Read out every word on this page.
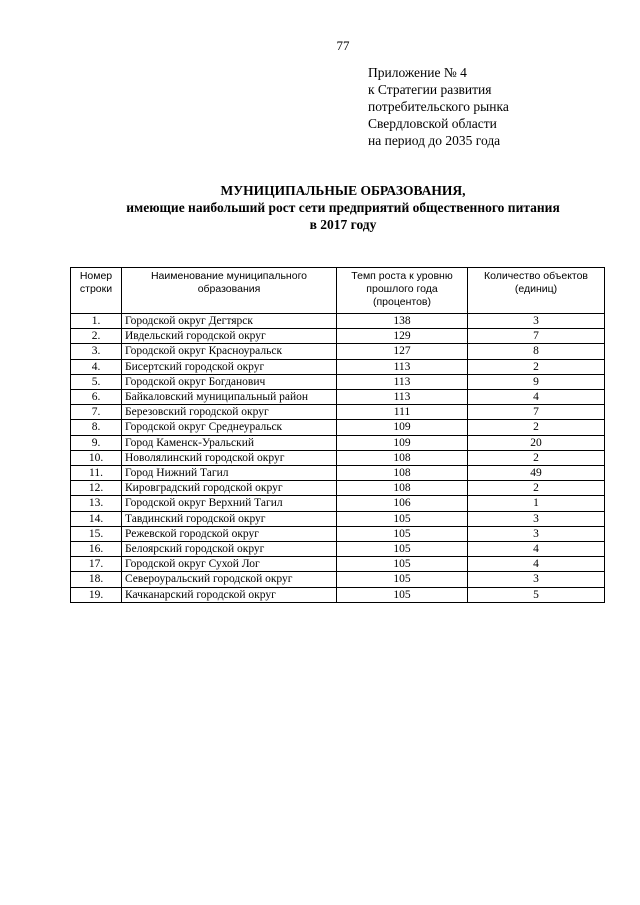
77
Приложение № 4
к Стратегии развития
потребительского рынка
Свердловской области
на период до 2035 года
МУНИЦИПАЛЬНЫЕ ОБРАЗОВАНИЯ,
имеющие наибольший рост сети предприятий общественного питания
в 2017 году
Номер строки	Наименование муниципального образования	Темп роста к уровню прошлого года (процентов)	Количество объектов (единиц)
1.	Городской округ Дегтярск	138	3
2.	Ивдельский городской округ	129	7
3.	Городской округ Красноуральск	127	8
4.	Бисертский городской округ	113	2
5.	Городской округ Богданович	113	9
6.	Байкаловский муниципальный район	113	4
7.	Березовский городской округ	111	7
8.	Городской округ Среднеуральск	109	2
9.	Город Каменск-Уральский	109	20
10.	Новолялинский городской округ	108	2
11.	Город Нижний Тагил	108	49
12.	Кировградский городской округ	108	2
13.	Городской округ Верхний Тагил	106	1
14.	Тавдинский городской округ	105	3
15.	Режевской городской округ	105	3
16.	Белоярский городской округ	105	4
17.	Городской округ Сухой Лог	105	4
18.	Североуральский городской округ	105	3
19.	Качканарский городской округ	105	5
